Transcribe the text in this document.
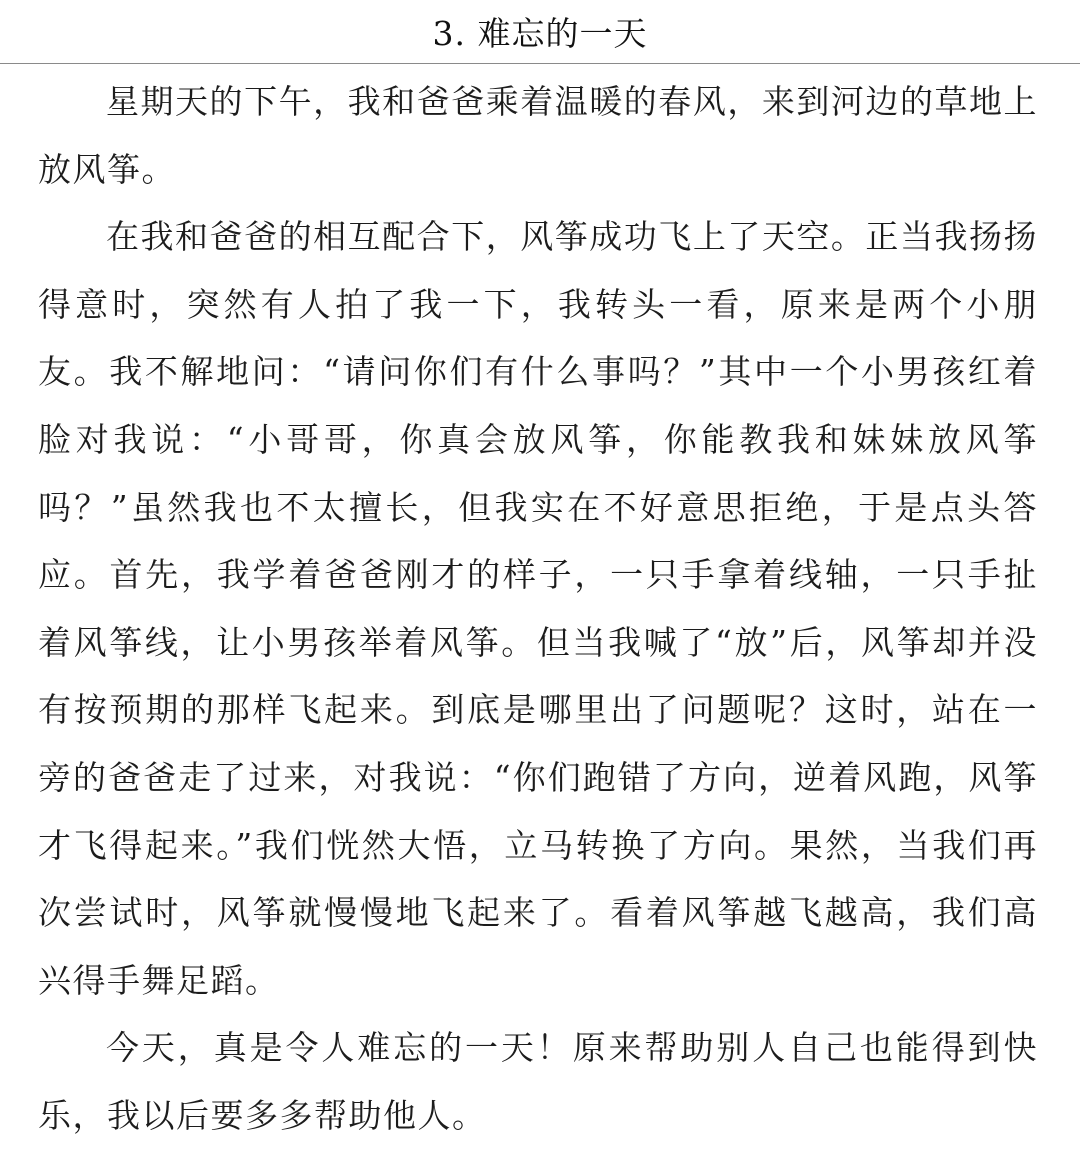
3. 难忘的一天

星期天的下午，我和爸爸乘着温暖的春风，来到河边的草地上放风筝。

在我和爸爸的相互配合下，风筝成功飞上了天空。正当我扬扬得意时，突然有人拍了我一下，我转头一看，原来是两个小朋友。我不解地问：“请问你们有什么事吗？”其中一个小男孩红着脸对我说：“小哥哥，你真会放风筝，你能教我和妹妹放风筝吗？”虽然我也不太擅长，但我实在不好意思拒绝，于是点头答应。首先，我学着爸爸刚才的样子，一只手拿着线轴，一只手扯着风筝线，让小男孩举着风筝。但当我喊了“放”后，风筝却并没有按预期的那样飞起来。到底是哪里出了问题呢？这时，站在一旁的爸爸走了过来，对我说：“你们跑错了方向，逆着风跑，风筝才飞得起来。”我们恍然大悟，立马转换了方向。果然，当我们再次尝试时，风筝就慢慢地飞起来了。看着风筝越飞越高，我们高兴得手舞足蹈。

今天，真是令人难忘的一天！原来帮助别人自己也能得到快乐，我以后要多多帮助他人。
